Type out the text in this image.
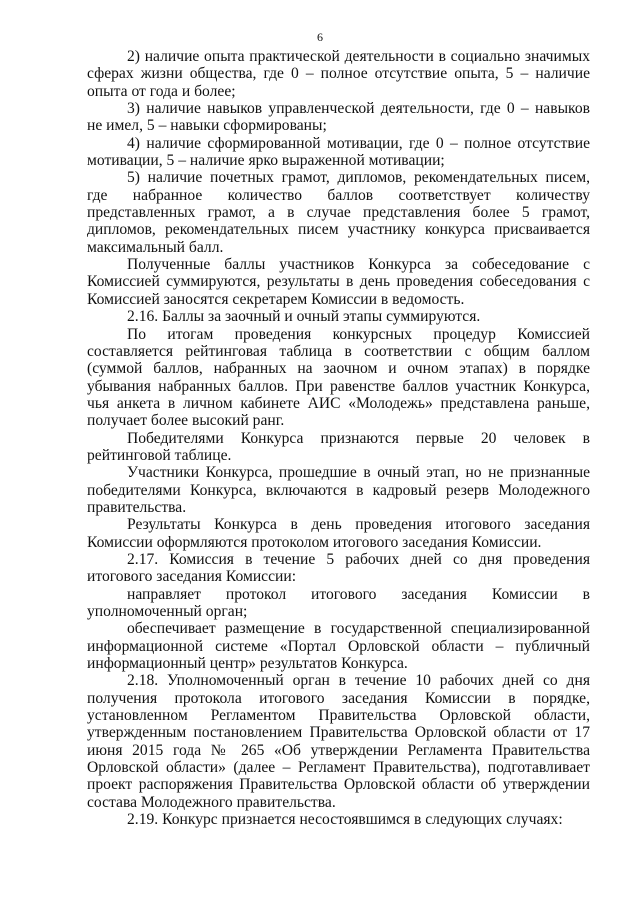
6

2) наличие опыта практической деятельности в социально значимых сферах жизни общества, где 0 – полное отсутствие опыта, 5 – наличие опыта от года и более;

3) наличие навыков управленческой деятельности, где 0 – навыков не имел, 5 – навыки сформированы;

4) наличие сформированной мотивации, где 0 – полное отсутствие мотивации, 5 – наличие ярко выраженной мотивации;

5) наличие почетных грамот, дипломов, рекомендательных писем, где набранное количество баллов соответствует количеству представленных грамот, а в случае представления более 5 грамот, дипломов, рекомендательных писем участнику конкурса присваивается максимальный балл.

Полученные баллы участников Конкурса за собеседование с Комиссией суммируются, результаты в день проведения собеседования с Комиссией заносятся секретарем Комиссии в ведомость.

2.16. Баллы за заочный и очный этапы суммируются.

По итогам проведения конкурсных процедур Комиссией составляется рейтинговая таблица в соответствии с общим баллом (суммой баллов, набранных на заочном и очном этапах) в порядке убывания набранных баллов. При равенстве баллов участник Конкурса, чья анкета в личном кабинете АИС «Молодежь» представлена раньше, получает более высокий ранг.

Победителями Конкурса признаются первые 20 человек в рейтинговой таблице.

Участники Конкурса, прошедшие в очный этап, но не признанные победителями Конкурса, включаются в кадровый резерв Молодежного правительства.

Результаты Конкурса в день проведения итогового заседания Комиссии оформляются протоколом итогового заседания Комиссии.

2.17. Комиссия в течение 5 рабочих дней со дня проведения итогового заседания Комиссии:

направляет протокол итогового заседания Комиссии в уполномоченный орган;

обеспечивает размещение в государственной специализированной информационной системе «Портал Орловской области – публичный информационный центр» результатов Конкурса.

2.18. Уполномоченный орган в течение 10 рабочих дней со дня получения протокола итогового заседания Комиссии в порядке, установленном Регламентом Правительства Орловской области, утвержденным постановлением Правительства Орловской области от 17 июня 2015 года № 265 «Об утверждении Регламента Правительства Орловской области» (далее – Регламент Правительства), подготавливает проект распоряжения Правительства Орловской области об утверждении состава Молодежного правительства.

2.19. Конкурс признается несостоявшимся в следующих случаях:
